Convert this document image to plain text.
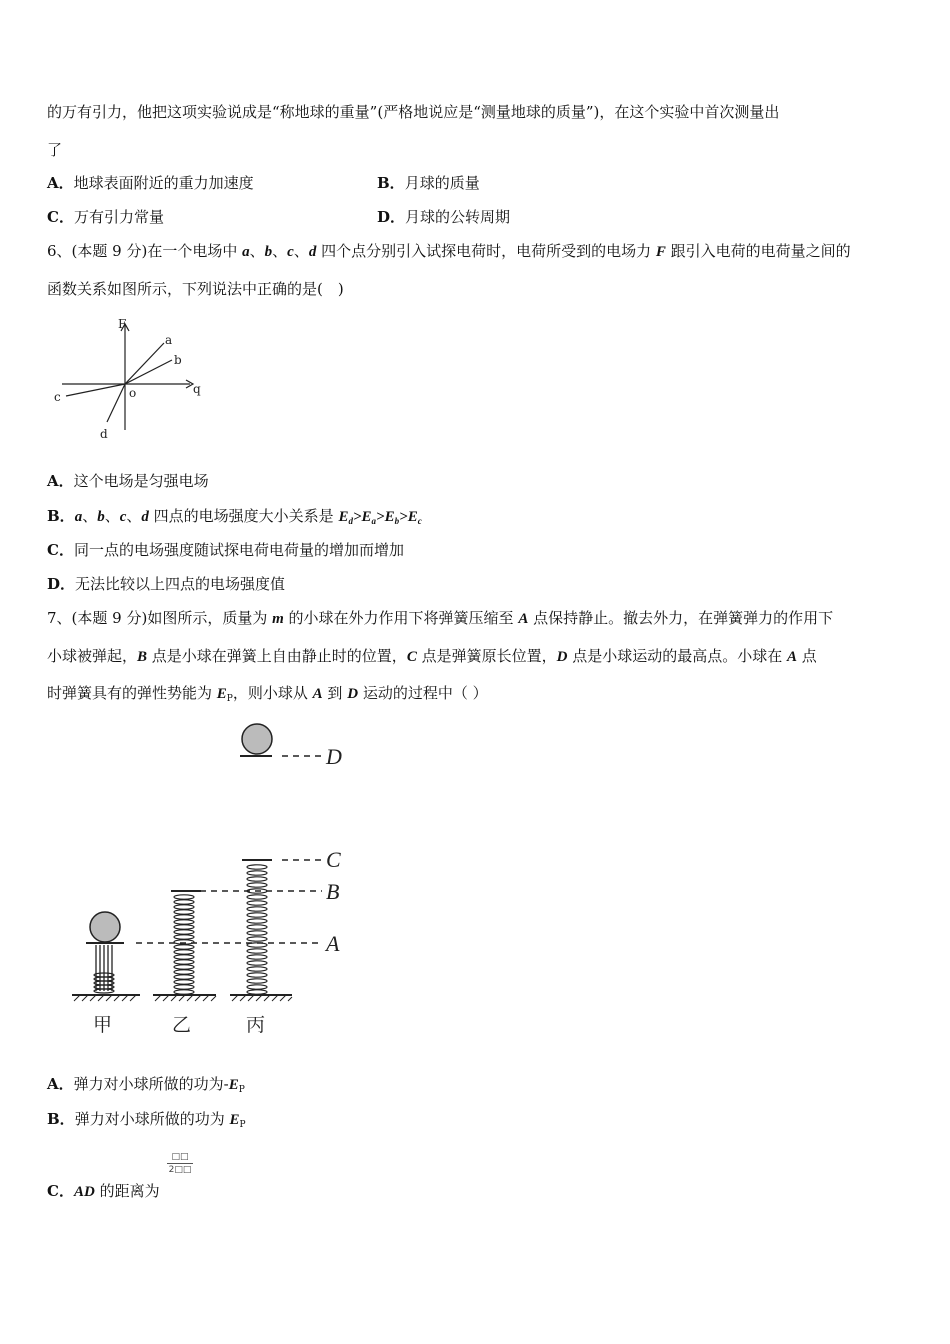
的万有引力，他把这项实验说成是“称地球的重量”(严格地说应是“测量地球的质量”)，在这个实验中首次测量出
了
A．地球表面附近的重力加速度	B．月球的质量
C．万有引力常量	D．月球的公转周期
6、(本题 9 分)在一个电场中 a、b、c、d 四个点分别引入试探电荷时，电荷所受到的电场力 F 跟引入电荷的电荷量之间的
函数关系如图所示，下列说法中正确的是(　)
F
q
o
a
b
c
d
A．这个电场是匀强电场
B．a、b、c、d 四点的电场强度大小关系是 $E_d>E_a>E_b>E_c$
C．同一点的电场强度随试探电荷电荷量的增加而增加
D．无法比较以上四点的电场强度值
7、(本题 9 分)如图所示，质量为 m 的小球在外力作用下将弹簧压缩至 A 点保持静止。撤去外力，在弹簧弹力的作用下
小球被弹起，B 点是小球在弹簧上自由静止时的位置，C 点是弹簧原长位置，D 点是小球运动的最高点。小球在 A 点
时弹簧具有的弹性势能为 $E_P$，则小球从 A 到 D 运动的过程中（ ）
D
C
B
A
甲	乙	丙
A．弹力对小球所做的功为$-E_P$
B．弹力对小球所做的功为 $E_P$
□□
2□□
C．AD 的距离为
